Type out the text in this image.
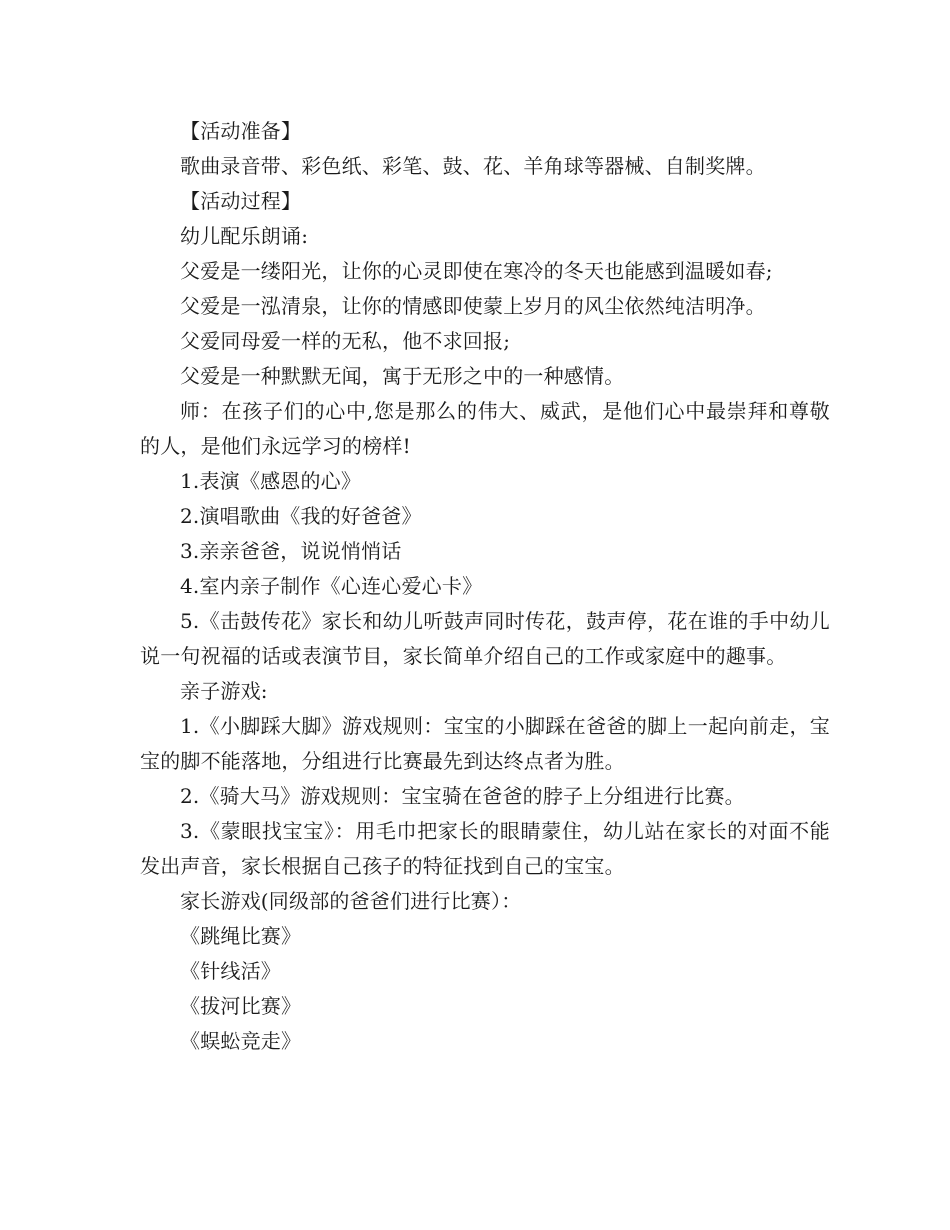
【活动准备】

歌曲录音带、彩色纸、彩笔、鼓、花、羊角球等器械、自制奖牌。

【活动过程】

幼儿配乐朗诵:

父爱是一缕阳光，让你的心灵即使在寒冷的冬天也能感到温暖如春;

父爱是一泓清泉，让你的情感即使蒙上岁月的风尘依然纯洁明净。

父爱同母爱一样的无私，他不求回报;

父爱是一种默默无闻，寓于无形之中的一种感情。

师：在孩子们的心中,您是那么的伟大、威武，是他们心中最崇拜和尊敬的人，是他们永远学习的榜样!

1.表演《感恩的心》

2.演唱歌曲《我的好爸爸》

3.亲亲爸爸，说说悄悄话

4.室内亲子制作《心连心爱心卡》

5.《击鼓传花》家长和幼儿听鼓声同时传花，鼓声停，花在谁的手中幼儿说一句祝福的话或表演节目，家长简单介绍自己的工作或家庭中的趣事。

亲子游戏:

1.《小脚踩大脚》游戏规则：宝宝的小脚踩在爸爸的脚上一起向前走，宝宝的脚不能落地，分组进行比赛最先到达终点者为胜。

2.《骑大马》游戏规则：宝宝骑在爸爸的脖子上分组进行比赛。

3.《蒙眼找宝宝》：用毛巾把家长的眼睛蒙住，幼儿站在家长的对面不能发出声音，家长根据自己孩子的特征找到自己的宝宝。

家长游戏(同级部的爸爸们进行比赛）：

《跳绳比赛》

《针线活》

《拔河比赛》

《蜈蚣竞走》
